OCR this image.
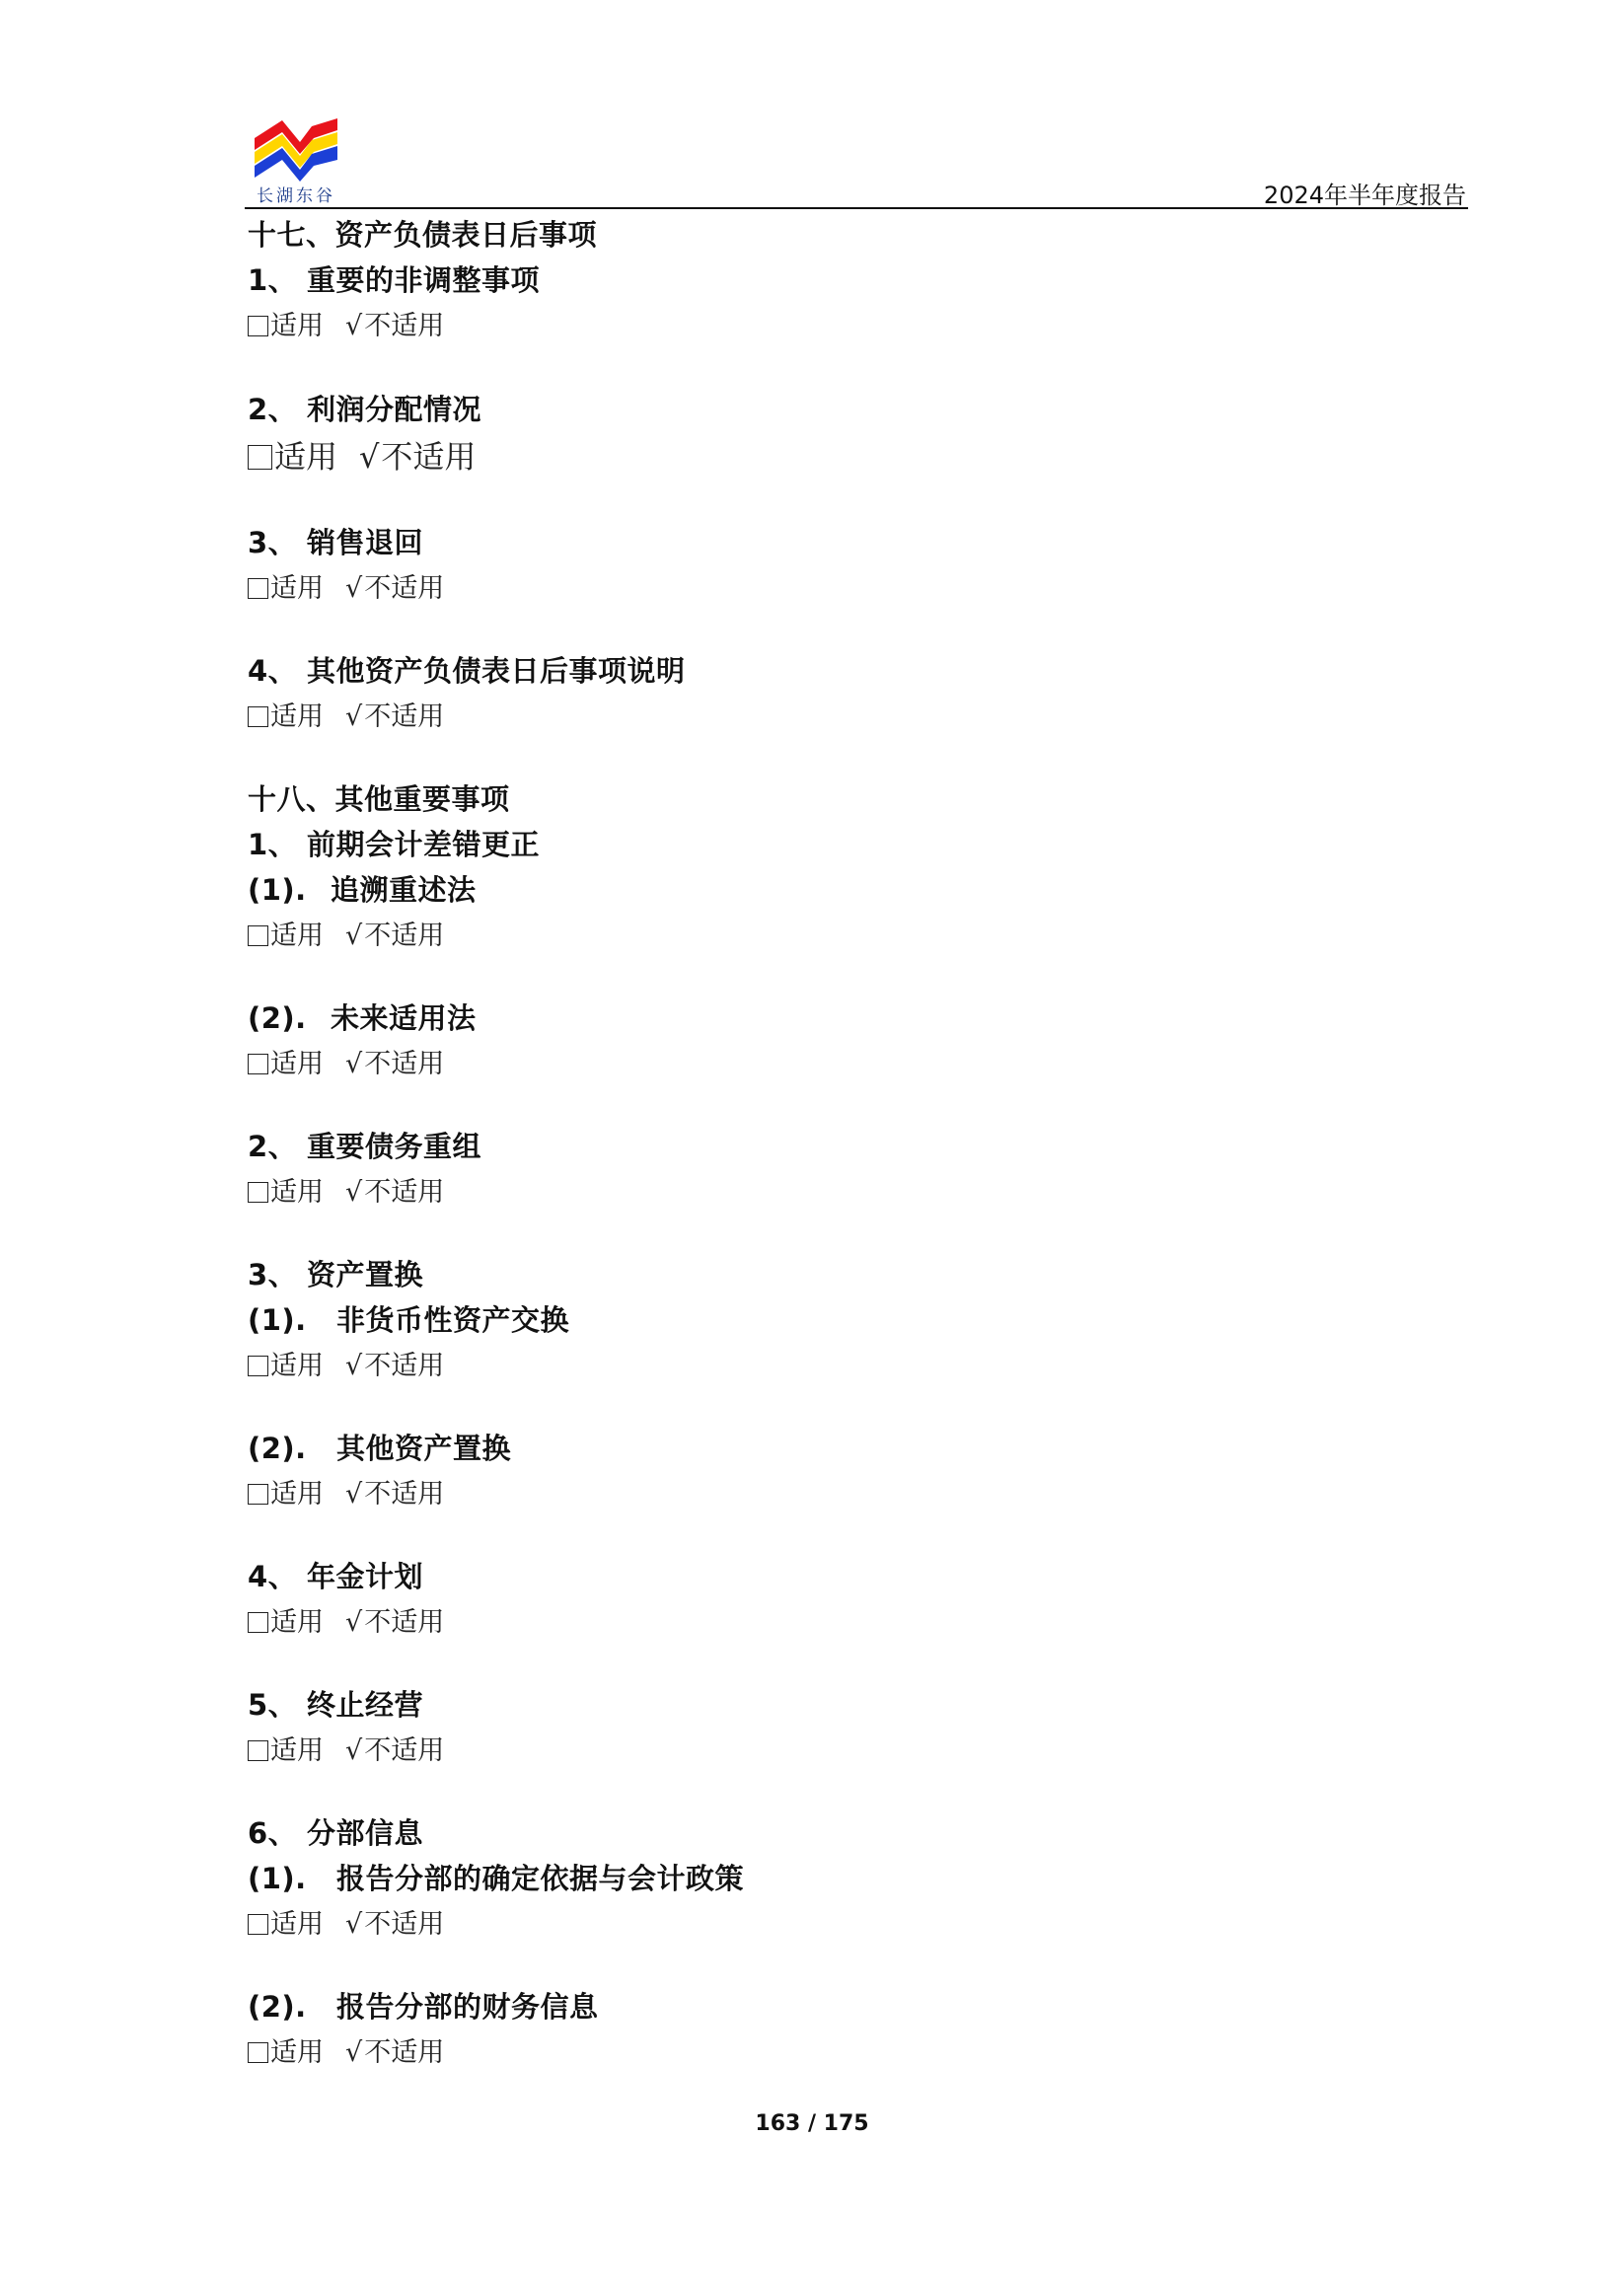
长湖东谷	2024年半年度报告
十七、资产负债表日后事项
1、 重要的非调整事项
适用 √不适用
2、 利润分配情况
适用 √不适用
3、 销售退回
适用 √不适用
4、 其他资产负债表日后事项说明
适用 √不适用
十八、其他重要事项
1、 前期会计差错更正
(1). 追溯重述法
适用 √不适用
(2). 未来适用法
适用 √不适用
2、 重要债务重组
适用 √不适用
3、 资产置换
(1). 非货币性资产交换
适用 √不适用
(2). 其他资产置换
适用 √不适用
4、 年金计划
适用 √不适用
5、 终止经营
适用 √不适用
6、 分部信息
(1). 报告分部的确定依据与会计政策
适用 √不适用
(2). 报告分部的财务信息
适用 √不适用
163 / 175
